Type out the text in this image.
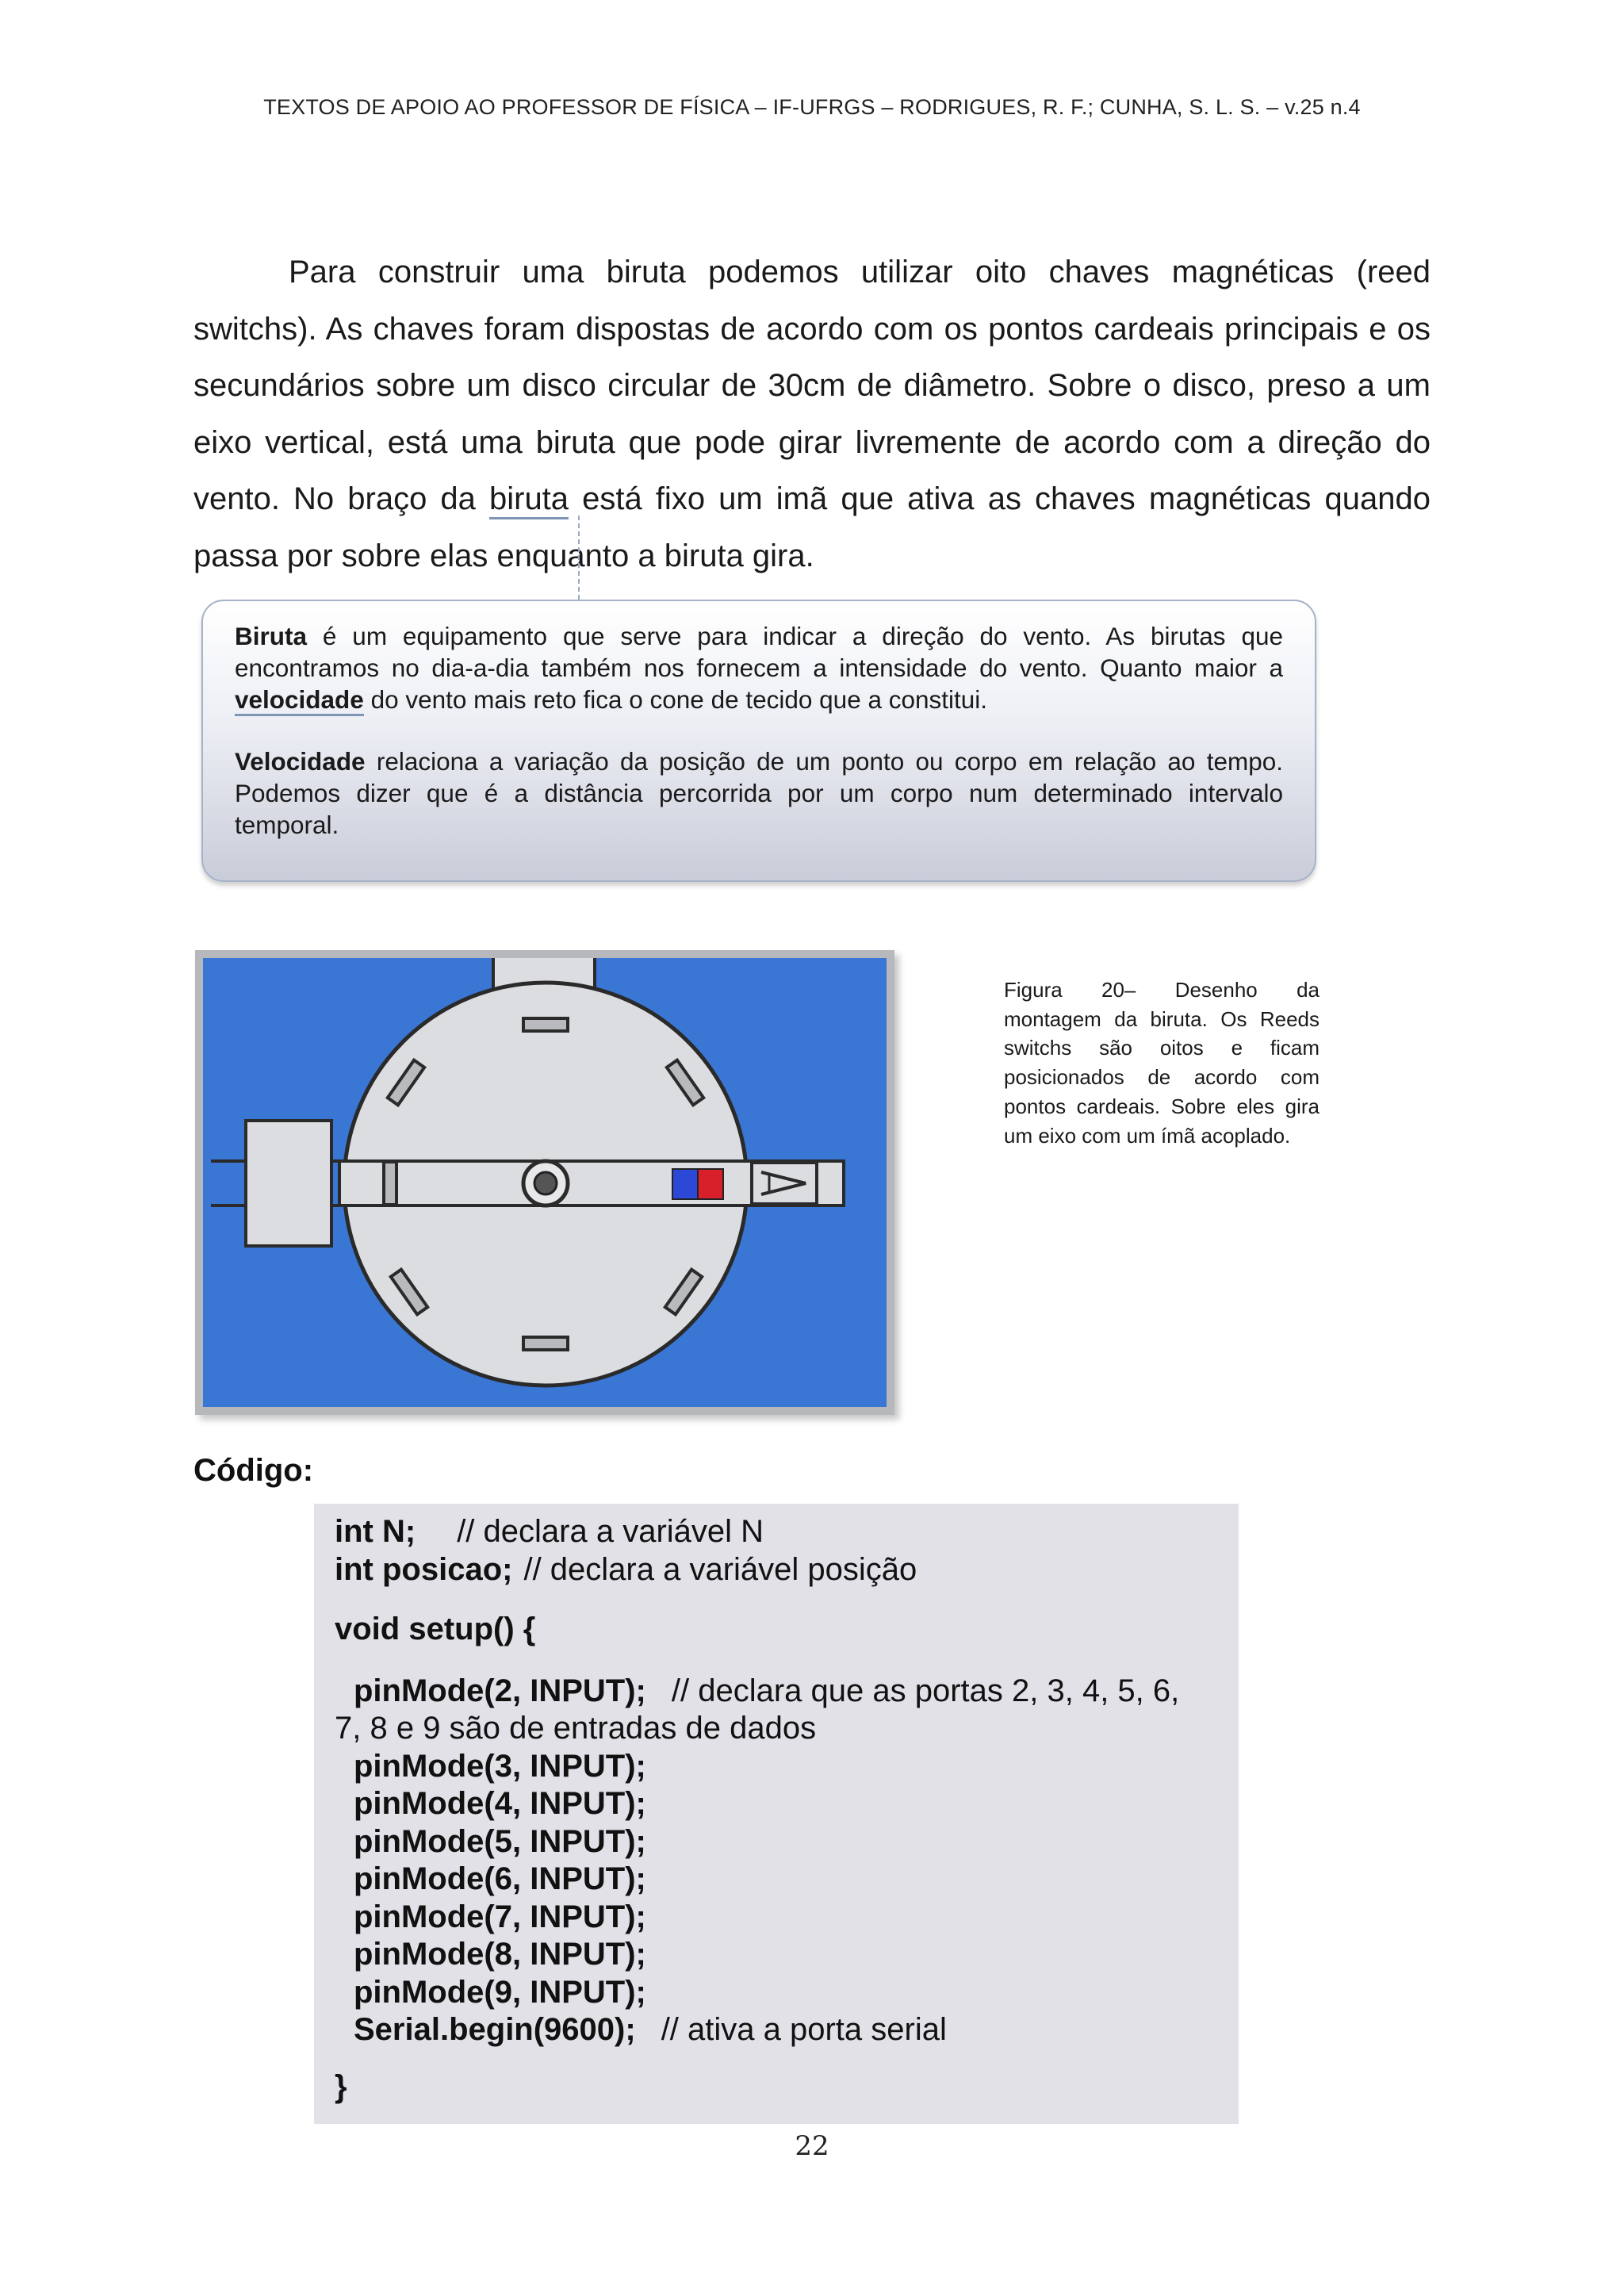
TEXTOS DE APOIO AO PROFESSOR DE FÍSICA – IF-UFRGS – RODRIGUES, R. F.; CUNHA, S. L. S. – v.25 n.4
Para construir uma biruta podemos utilizar oito chaves magnéticas (reed switchs). As chaves foram dispostas de acordo com os pontos cardeais principais e os secundários sobre um disco circular de 30cm de diâmetro. Sobre o disco, preso a um eixo vertical, está uma biruta que pode girar livremente de acordo com a direção do vento. No braço da biruta está fixo um imã que ativa as chaves magnéticas quando passa por sobre elas enquanto a biruta gira.

Biruta é um equipamento que serve para indicar a direção do vento. As birutas que encontramos no dia-a-dia também nos fornecem a intensidade do vento. Quanto maior a velocidade do vento mais reto fica o cone de tecido que a constitui.

Velocidade relaciona a variação da posição de um ponto ou corpo em relação ao tempo. Podemos dizer que é a distância percorrida por um corpo num determinado intervalo temporal.

Figura 20– Desenho da montagem da biruta. Os Reeds switchs são oitos e ficam posicionados de acordo com pontos cardeais. Sobre eles gira um eixo com um ímã acoplado.
Código:
int N; // declara a variável N
int posicao; // declara a variável posição
void setup() {
pinMode(2, INPUT); // declara que as portas 2, 3, 4, 5, 6,
7, 8 e 9 são de entradas de dados
pinMode(3, INPUT);
pinMode(4, INPUT);
pinMode(5, INPUT);
pinMode(6, INPUT);
pinMode(7, INPUT);
pinMode(8, INPUT);
pinMode(9, INPUT);
Serial.begin(9600); // ativa a porta serial
}
22
